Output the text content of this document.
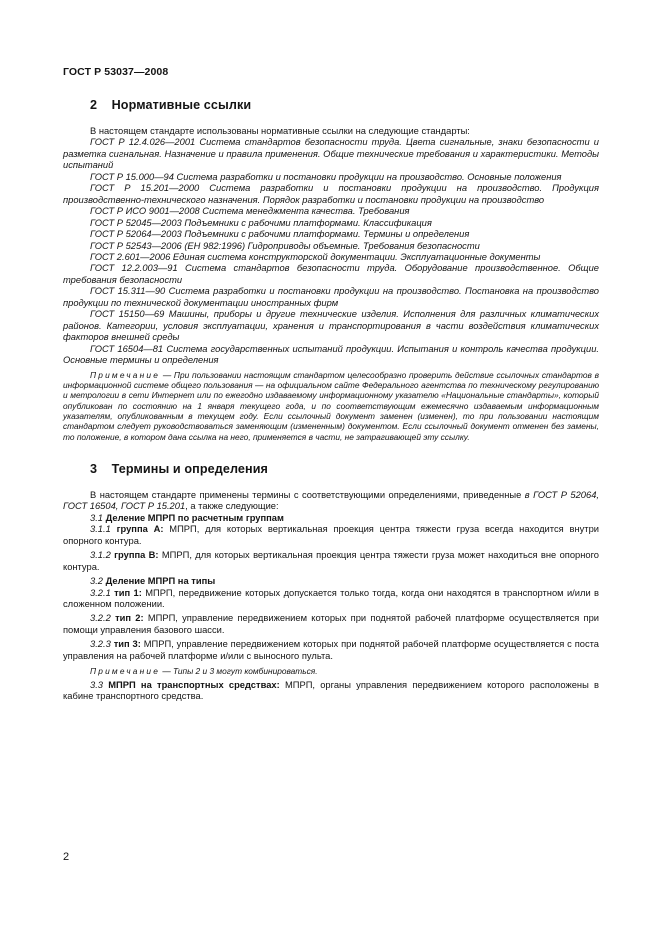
ГОСТ Р 53037—2008
2 Нормативные ссылки

В настоящем стандарте использованы нормативные ссылки на следующие стандарты:

ГОСТ Р 12.4.026—2001 Система стандартов безопасности труда. Цвета сигнальные, знаки безопасности и разметка сигнальная. Назначение и правила применения. Общие технические требования и характеристики. Методы испытаний

ГОСТ Р 15.000—94 Система разработки и постановки продукции на производство. Основные положения

ГОСТ Р 15.201—2000 Система разработки и постановки продукции на производство. Продукция производственно-технического назначения. Порядок разработки и постановки продукции на производство

ГОСТ Р ИСО 9001—2008 Система менеджмента качества. Требования

ГОСТ Р 52045—2003 Подъемники с рабочими платформами. Классификация

ГОСТ Р 52064—2003 Подъемники с рабочими платформами. Термины и определения

ГОСТ Р 52543—2006 (ЕН 982:1996) Гидроприводы объемные. Требования безопасности

ГОСТ 2.601—2006 Единая система конструкторской документации. Эксплуатационные документы

ГОСТ 12.2.003—91 Система стандартов безопасности труда. Оборудование производственное. Общие требования безопасности

ГОСТ 15.311—90 Система разработки и постановки продукции на производство. Постановка на производство продукции по технической документации иностранных фирм

ГОСТ 15150—69 Машины, приборы и другие технические изделия. Исполнения для различных климатических районов. Категории, условия эксплуатации, хранения и транспортирования в части воздействия климатических факторов внешней среды

ГОСТ 16504—81 Система государственных испытаний продукции. Испытания и контроль качества продукции. Основные термины и определения

Примечание — При пользовании настоящим стандартом целесообразно проверить действие ссылочных стандартов в информационной системе общего пользования — на официальном сайте Федерального агентства по техническому регулированию и метрологии в сети Интернет или по ежегодно издаваемому информационному указателю «Национальные стандарты», который опубликован по состоянию на 1 января текущего года, и по соответствующим ежемесячно издаваемым информационным указателям, опубликованным в текущем году. Если ссылочный документ заменен (изменен), то при пользовании настоящим стандартом следует руководствоваться заменяющим (измененным) документом. Если ссылочный документ отменен без замены, то положение, в котором дана ссылка на него, применяется в части, не затрагивающей эту ссылку.

3 Термины и определения

В настоящем стандарте применены термины с соответствующими определениями, приведенные в ГОСТ Р 52064, ГОСТ 16504, ГОСТ Р 15.201, а также следующие:

3.1 Деление МПРП по расчетным группам

3.1.1 группа А: МПРП, для которых вертикальная проекция центра тяжести груза всегда находится внутри опорного контура.

3.1.2 группа В: МПРП, для которых вертикальная проекция центра тяжести груза может находиться вне опорного контура.

3.2 Деление МПРП на типы

3.2.1 тип 1: МПРП, передвижение которых допускается только тогда, когда они находятся в транспортном и/или в сложенном положении.

3.2.2 тип 2: МПРП, управление передвижением которых при поднятой рабочей платформе осуществляется при помощи управления базового шасси.

3.2.3 тип 3: МПРП, управление передвижением которых при поднятой рабочей платформе осуществляется с поста управления на рабочей платформе и/или с выносного пульта.

Примечание — Типы 2 и 3 могут комбинироваться.

3.3 МПРП на транспортных средствах: МПРП, органы управления передвижением которого расположены в кабине транспортного средства.

2
